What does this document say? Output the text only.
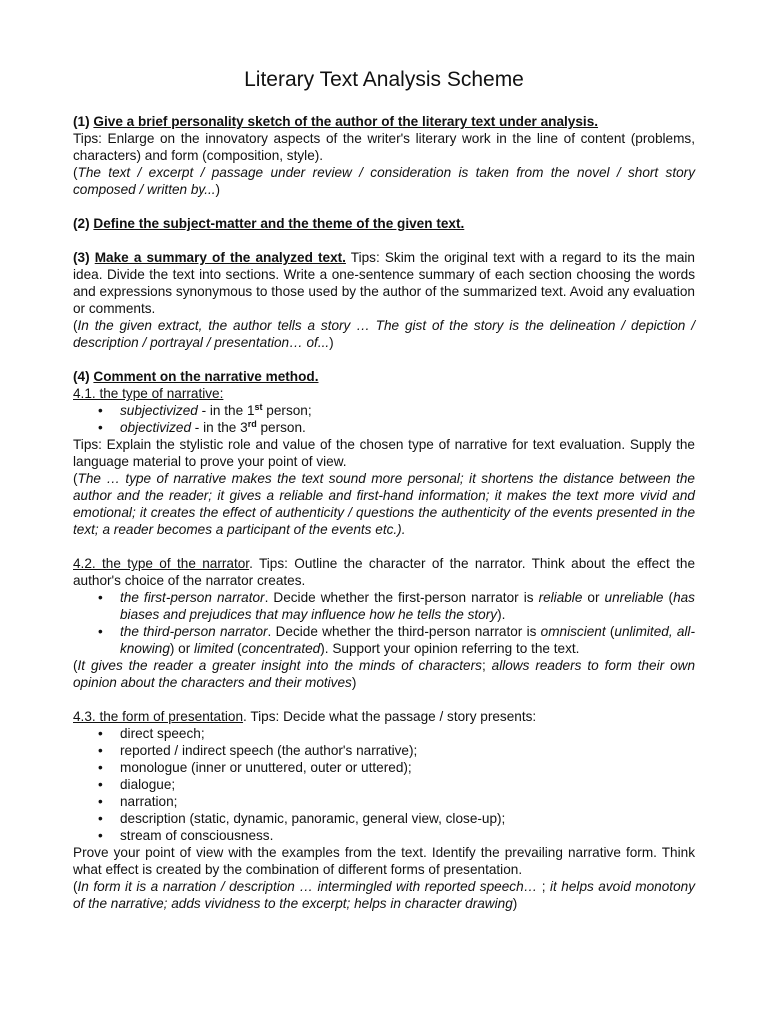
Literary Text Analysis Scheme

(1) Give a brief personality sketch of the author of the literary text under analysis.

Tips: Enlarge on the innovatory aspects of the writer's literary work in the line of content (problems, characters) and form (composition, style).

(The text / excerpt / passage under review / consideration is taken from the novel / short story composed / written by...)

(2) Define the subject-matter and the theme of the given text.

(3) Make a summary of the analyzed text. Tips: Skim the original text with a regard to its the main idea. Divide the text into sections. Write a one-sentence summary of each section choosing the words and expressions synonymous to those used by the author of the summarized text. Avoid any evaluation or comments.

(In the given extract, the author tells a story … The gist of the story is the delineation / depiction / description / portrayal / presentation… of...)

(4) Comment on the narrative method.

4.1. the type of narrative:

• subjectivized - in the 1st person;
• objectivized - in the 3rd person.

Tips: Explain the stylistic role and value of the chosen type of narrative for text evaluation. Supply the language material to prove your point of view.

(The … type of narrative makes the text sound more personal; it shortens the distance between the author and the reader; it gives a reliable and first-hand information; it makes the text more vivid and emotional; it creates the effect of authenticity / questions the authenticity of the events presented in the text; a reader becomes a participant of the events etc.).

4.2. the type of the narrator. Tips: Outline the character of the narrator. Think about the effect the author's choice of the narrator creates.

• the first-person narrator. Decide whether the first-person narrator is reliable or unreliable (has biases and prejudices that may influence how he tells the story).
• the third-person narrator. Decide whether the third-person narrator is omniscient (unlimited, all-knowing) or limited (concentrated). Support your opinion referring to the text.

(It gives the reader a greater insight into the minds of characters; allows readers to form their own opinion about the characters and their motives)

4.3. the form of presentation. Tips: Decide what the passage / story presents:

• direct speech;
• reported / indirect speech (the author's narrative);
• monologue (inner or unuttered, outer or uttered);
• dialogue;
• narration;
• description (static, dynamic, panoramic, general view, close-up);
• stream of consciousness.

Prove your point of view with the examples from the text. Identify the prevailing narrative form. Think what effect is created by the combination of different forms of presentation.

(In form it is a narration / description … intermingled with reported speech… ; it helps avoid monotony of the narrative; adds vividness to the excerpt; helps in character drawing)
